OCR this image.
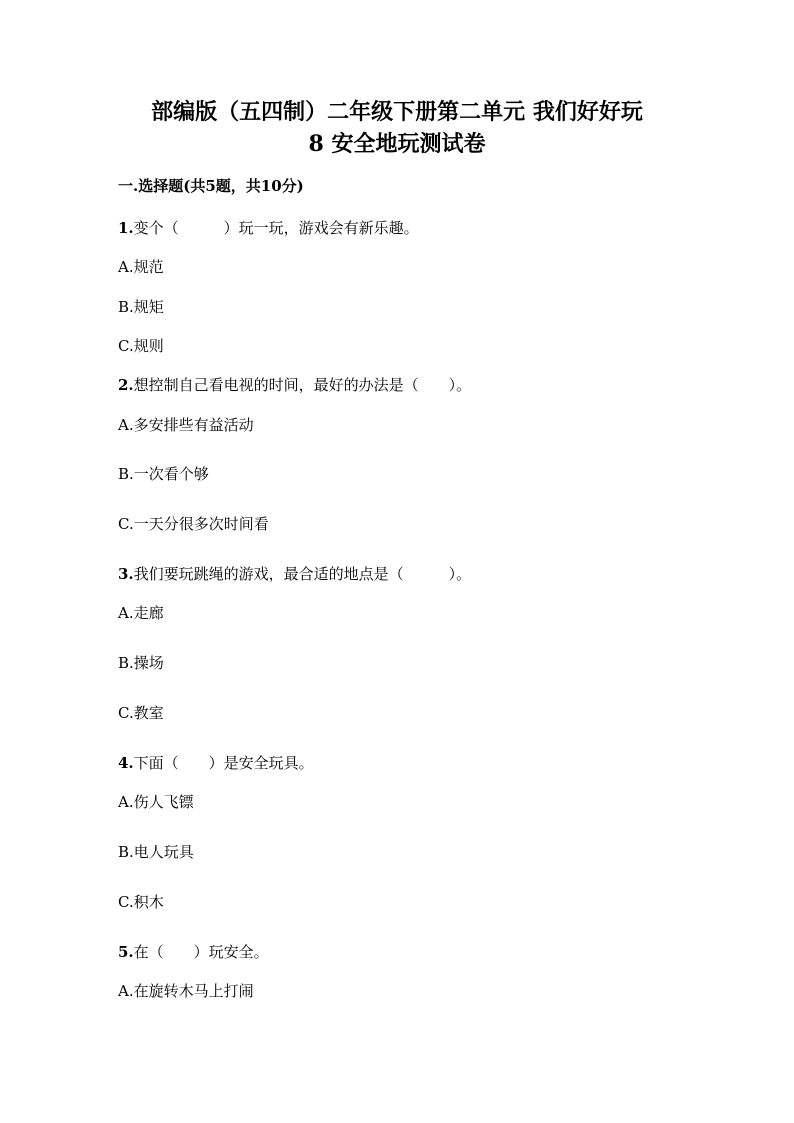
部编版（五四制）二年级下册第二单元 我们好好玩
8 安全地玩测试卷
一.选择题(共5题，共10分)
1.变个（　　　）玩一玩，游戏会有新乐趣。
A.规范
B.规矩
C.规则
2.想控制自己看电视的时间，最好的办法是（　　）。
A.多安排些有益活动
B.一次看个够
C.一天分很多次时间看
3.我们要玩跳绳的游戏，最合适的地点是（　　　）。
A.走廊
B.操场
C.教室
4.下面（　　）是安全玩具。
A.伤人飞镖
B.电人玩具
C.积木
5.在（　　）玩安全。
A.在旋转木马上打闹
